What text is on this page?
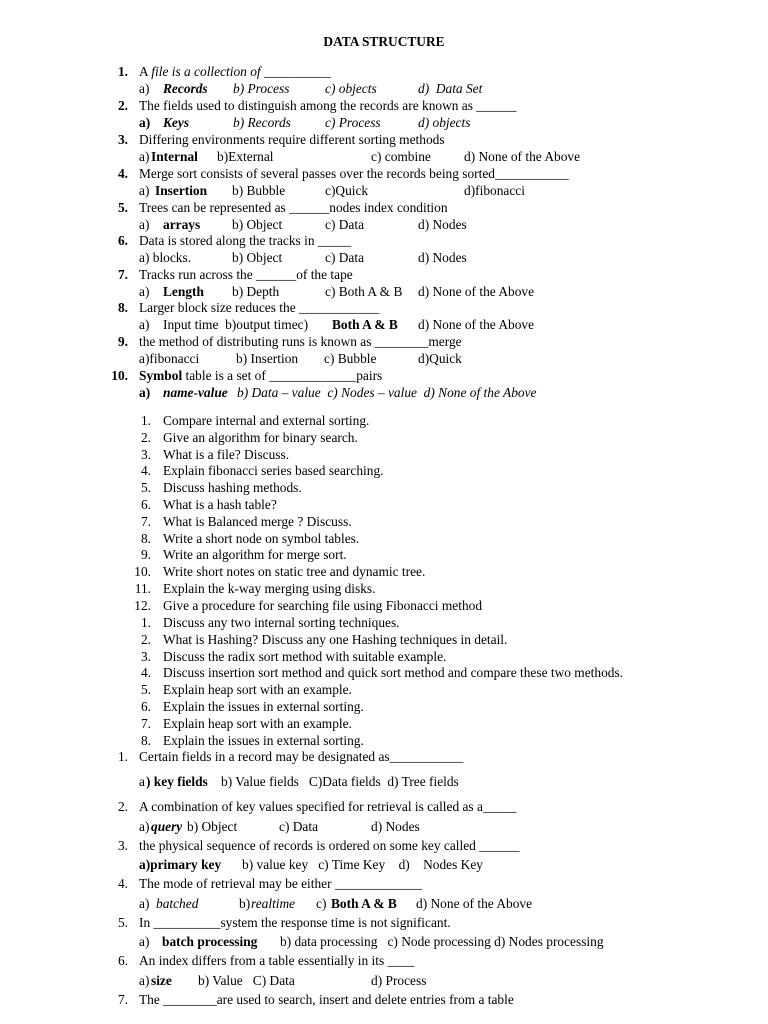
DATA STRUCTURE
1. A file is a collection of __________
a) Records b) Process	c) objects	d)  Data Set
2. The fields used to distinguish among the records are known as ______
a) Keys	b) Records	c) Process	d) objects
3. Differing environments require different sorting methods
a) Internal b)External	c) combine d) None of the Above
4. Merge sort consists of several passes over the records being sorted___________
a) Insertion b) Bubble	c)Quick	d)fibonacci
5. Trees can be represented as ______nodes index condition
a) arrays b) Object	c) Data	d) Nodes
6. Data is stored along the tracks in _____
a) blocks.	b) Object	c) Data	d) Nodes
7. Tracks run across the ______of the tape
a) Length b) Depth	c) Both A & B d) None of the Above
8. Larger block size reduces the ____________
a) Input time  b)output timec) Both A & B d) None of the Above
9. the method of distributing runs is known as ________merge
a)fibonacci	b) Insertion c) Bubble	d)Quick
10. Symbol table is a set of _____________pairs
a) name-value b) Data – value  c) Nodes – value  d) None of the Above
1. Compare internal and external sorting.
2. Give an algorithm for binary search.
3. What is a file? Discuss.
4. Explain fibonacci series based searching.
5. Discuss hashing methods.
6. What is a hash table?
7. What is Balanced merge ? Discuss.
8. Write a short node on symbol tables.
9. Write an algorithm for merge sort.
10. Write short notes on static tree and dynamic tree.
11. Explain the k-way merging using disks.
12. Give a procedure for searching file using Fibonacci method
1. Discuss any two internal sorting techniques.
2. What is Hashing? Discuss any one Hashing techniques in detail.
3. Discuss the radix sort method with suitable example.
4. Discuss insertion sort method and quick sort method and compare these two methods.
5. Explain heap sort with an example.
6. Explain the issues in external sorting.
7. Explain heap sort with an example.
8. Explain the issues in external sorting.
1. Certain fields in a record may be designated as___________
a ) key fields b) Value fields   C)Data fields  d) Tree fields
2. A combination of key values specified for retrieval is called as a_____
a) query b) Object	c) Data	d) Nodes
3. the physical sequence of records is ordered on some key called ______
a)primary key b) value key   c) Time Key    d)    Nodes Key
4. The mode of retrieval may be either _____________
a) batched	b) realtime c) Both A & B d) None of the Above
5. In __________system the response time is not significant.
a) batch processing b) data processing   c) Node processing d) Nodes processing
6. An index differs from a table essentially in its ____
a) size b) Value   C) Data	d) Process
7. The ________are used to search, insert and delete entries from a table
